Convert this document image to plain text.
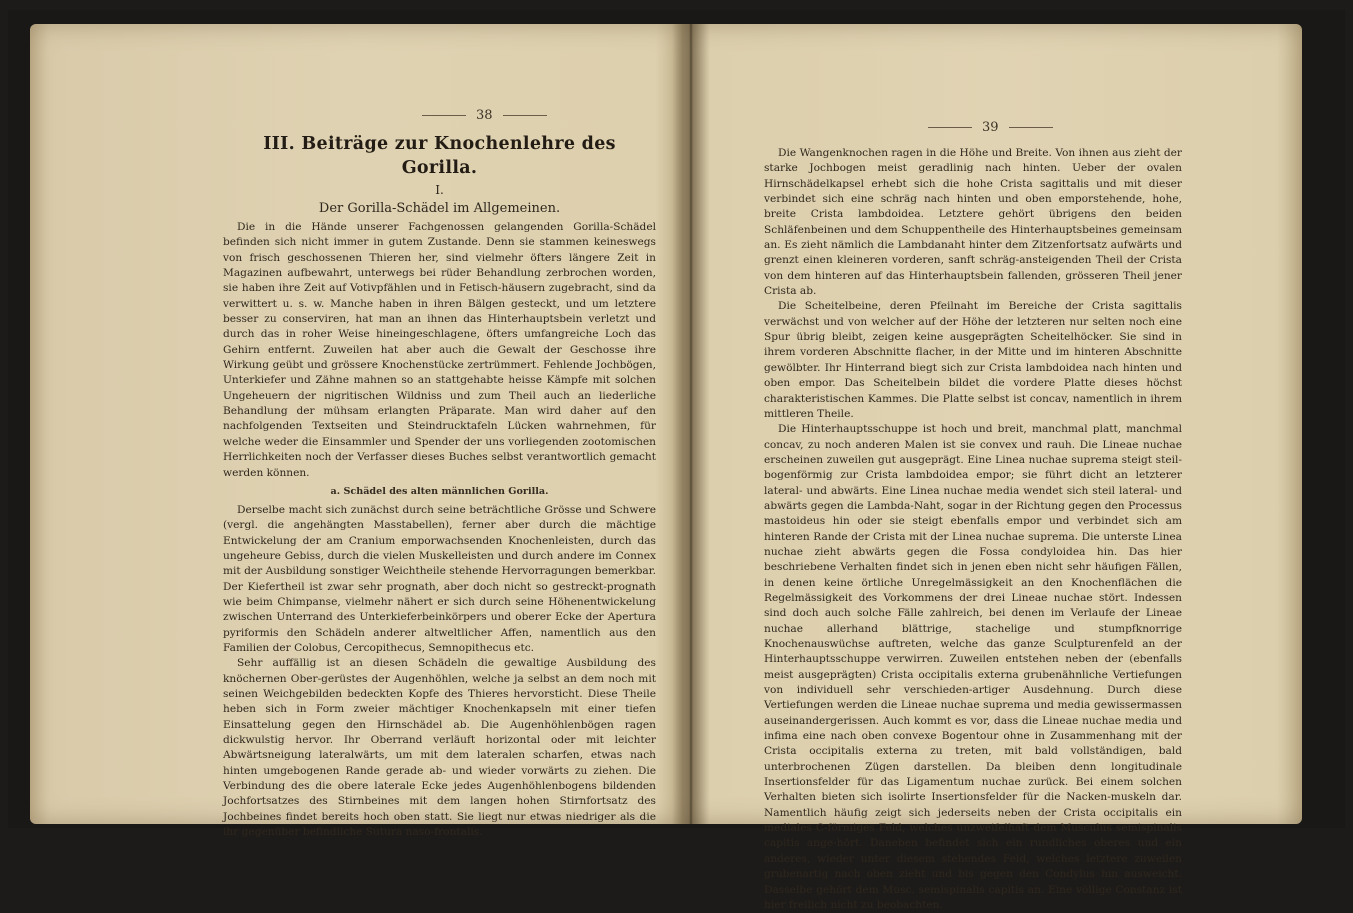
38
III. Beiträge zur Knochenlehre des Gorilla.
I.
Der Gorilla-Schädel im Allgemeinen.

Die in die Hände unserer Fachgenossen gelangenden Gorilla-Schädel befinden sich nicht immer in gutem Zustande. Denn sie stammen keineswegs von frisch geschossenen Thieren her, sind vielmehr öfters längere Zeit in Magazinen aufbewahrt, unterwegs bei rüder Behandlung zerbrochen worden, sie haben ihre Zeit auf Votivpfählen und in Fetisch-häusern zugebracht, sind da verwittert u. s. w. Manche haben in ihren Bälgen gesteckt, und um letztere besser zu conserviren, hat man an ihnen das Hinterhauptsbein verletzt und durch das in roher Weise hineingeschlagene, öfters umfangreiche Loch das Gehirn entfernt. Zuweilen hat aber auch die Gewalt der Geschosse ihre Wirkung geübt und grössere Knochenstücke zertrümmert. Fehlende Jochbögen, Unterkiefer und Zähne mahnen so an stattgehabte heisse Kämpfe mit solchen Ungeheuern der nigritischen Wildniss und zum Theil auch an liederliche Behandlung der mühsam erlangten Präparate. Man wird daher auf den nachfolgenden Textseiten und Steindrucktafeln Lücken wahrnehmen, für welche weder die Einsammler und Spender der uns vorliegenden zootomischen Herrlichkeiten noch der Verfasser dieses Buches selbst verantwortlich gemacht werden können.

a. Schädel des alten männlichen Gorilla.

Derselbe macht sich zunächst durch seine beträchtliche Grösse und Schwere (vergl. die angehängten Masstabellen), ferner aber durch die mächtige Entwickelung der am Cranium emporwachsenden Knochenleisten, durch das ungeheure Gebiss, durch die vielen Muskelleisten und durch andere im Connex mit der Ausbildung sonstiger Weichtheile stehende Hervorragungen bemerkbar. Der Kiefertheil ist zwar sehr prognath, aber doch nicht so gestreckt-prognath wie beim Chimpanse, vielmehr nähert er sich durch seine Höhenentwickelung zwischen Unterrand des Unterkieferbeinkörpers und oberer Ecke der Apertura pyriformis den Schädeln anderer altweltlicher Affen, namentlich aus den Familien der Colobus, Cercopithecus, Semnopithecus etc.

Sehr auffällig ist an diesen Schädeln die gewaltige Ausbildung des knöchernen Ober-gerüstes der Augenhöhlen, welche ja selbst an dem noch mit seinen Weichgebilden bedeckten Kopfe des Thieres hervorsticht. Diese Theile heben sich in Form zweier mächtiger Knochenkapseln mit einer tiefen Einsattelung gegen den Hirnschädel ab. Die Augenhöhlenbögen ragen dickwulstig hervor. Ihr Oberrand verläuft horizontal oder mit leichter Abwärtsneigung lateralwärts, um mit dem lateralen scharfen, etwas nach hinten umgebogenen Rande gerade ab- und wieder vorwärts zu ziehen. Die Verbindung des die obere laterale Ecke jedes Augenhöhlenbogens bildenden Jochfortsatzes des Stirnbeines mit dem langen hohen Stirnfortsatz des Jochbeines findet bereits hoch oben statt. Sie liegt nur etwas niedriger als die ihr gegenüber befindliche Sutura naso-frontalis.

39

Die Wangenknochen ragen in die Höhe und Breite. Von ihnen aus zieht der starke Jochbogen meist geradlinig nach hinten. Ueber der ovalen Hirnschädelkapsel erhebt sich die hohe Crista sagittalis und mit dieser verbindet sich eine schräg nach hinten und oben emporstehende, hohe, breite Crista lambdoidea. Letztere gehört übrigens den beiden Schläfenbeinen und dem Schuppentheile des Hinterhauptsbeines gemeinsam an. Es zieht nämlich die Lambdanaht hinter dem Zitzenfortsatz aufwärts und grenzt einen kleineren vorderen, sanft schräg-ansteigenden Theil der Crista von dem hinteren auf das Hinterhauptsbein fallenden, grösseren Theil jener Crista ab.

Die Scheitelbeine, deren Pfeilnaht im Bereiche der Crista sagittalis verwächst und von welcher auf der Höhe der letzteren nur selten noch eine Spur übrig bleibt, zeigen keine ausgeprägten Scheitelhöcker. Sie sind in ihrem vorderen Abschnitte flacher, in der Mitte und im hinteren Abschnitte gewölbter. Ihr Hinterrand biegt sich zur Crista lambdoidea nach hinten und oben empor. Das Scheitelbein bildet die vordere Platte dieses höchst charakteristischen Kammes. Die Platte selbst ist concav, namentlich in ihrem mittleren Theile.

Die Hinterhauptsschuppe ist hoch und breit, manchmal platt, manchmal concav, zu noch anderen Malen ist sie convex und rauh. Die Lineae nuchae erscheinen zuweilen gut ausgeprägt. Eine Linea nuchae suprema steigt steil-bogenförmig zur Crista lambdoidea empor; sie führt dicht an letzterer lateral- und abwärts. Eine Linea nuchae media wendet sich steil lateral- und abwärts gegen die Lambda-Naht, sogar in der Richtung gegen den Processus mastoideus hin oder sie steigt ebenfalls empor und verbindet sich am hinteren Rande der Crista mit der Linea nuchae suprema. Die unterste Linea nuchae zieht abwärts gegen die Fossa condyloidea hin. Das hier beschriebene Verhalten findet sich in jenen eben nicht sehr häufigen Fällen, in denen keine örtliche Unregelmässigkeit an den Knochenflächen die Regelmässigkeit des Vorkommens der drei Lineae nuchae stört. Indessen sind doch auch solche Fälle zahlreich, bei denen im Verlaufe der Lineae nuchae allerhand blättrige, stachelige und stumpfknorrige Knochenauswüchse auftreten, welche das ganze Sculpturenfeld an der Hinterhauptsschuppe verwirren. Zuweilen entstehen neben der (ebenfalls meist ausgeprägten) Crista occipitalis externa grubenähnliche Vertiefungen von individuell sehr verschieden-artiger Ausdehnung. Durch diese Vertiefungen werden die Lineae nuchae suprema und media gewissermassen auseinandergerissen. Auch kommt es vor, dass die Lineae nuchae media und infima eine nach oben convexe Bogentour ohne in Zusammenhang mit der Crista occipitalis externa zu treten, mit bald vollständigen, bald unterbrochenen Zügen darstellen. Da bleiben denn longitudinale Insertionsfelder für das Ligamentum nuchae zurück. Bei einem solchen Verhalten bieten sich isolirte Insertionsfelder für die Nacken-muskeln dar. Namentlich häufig zeigt sich jederseits neben der Crista occipitalis ein mediales C-förmiges Feld, welches unzweifelhaft dem Musculus semispinalis capitis ange-hört. Daneben befindet sich ein rundliches oberes und ein anderes, wieder unter diesem stehendes Feld, welches letztere zuweilen grubenartig nach oben zieht und bis gegen den Condylus hin ausweicht. Dasselbe gehört dem Musc. semispinalis capitis an. Eine völlige Constanz ist hier freilich nicht zu beobachten.
